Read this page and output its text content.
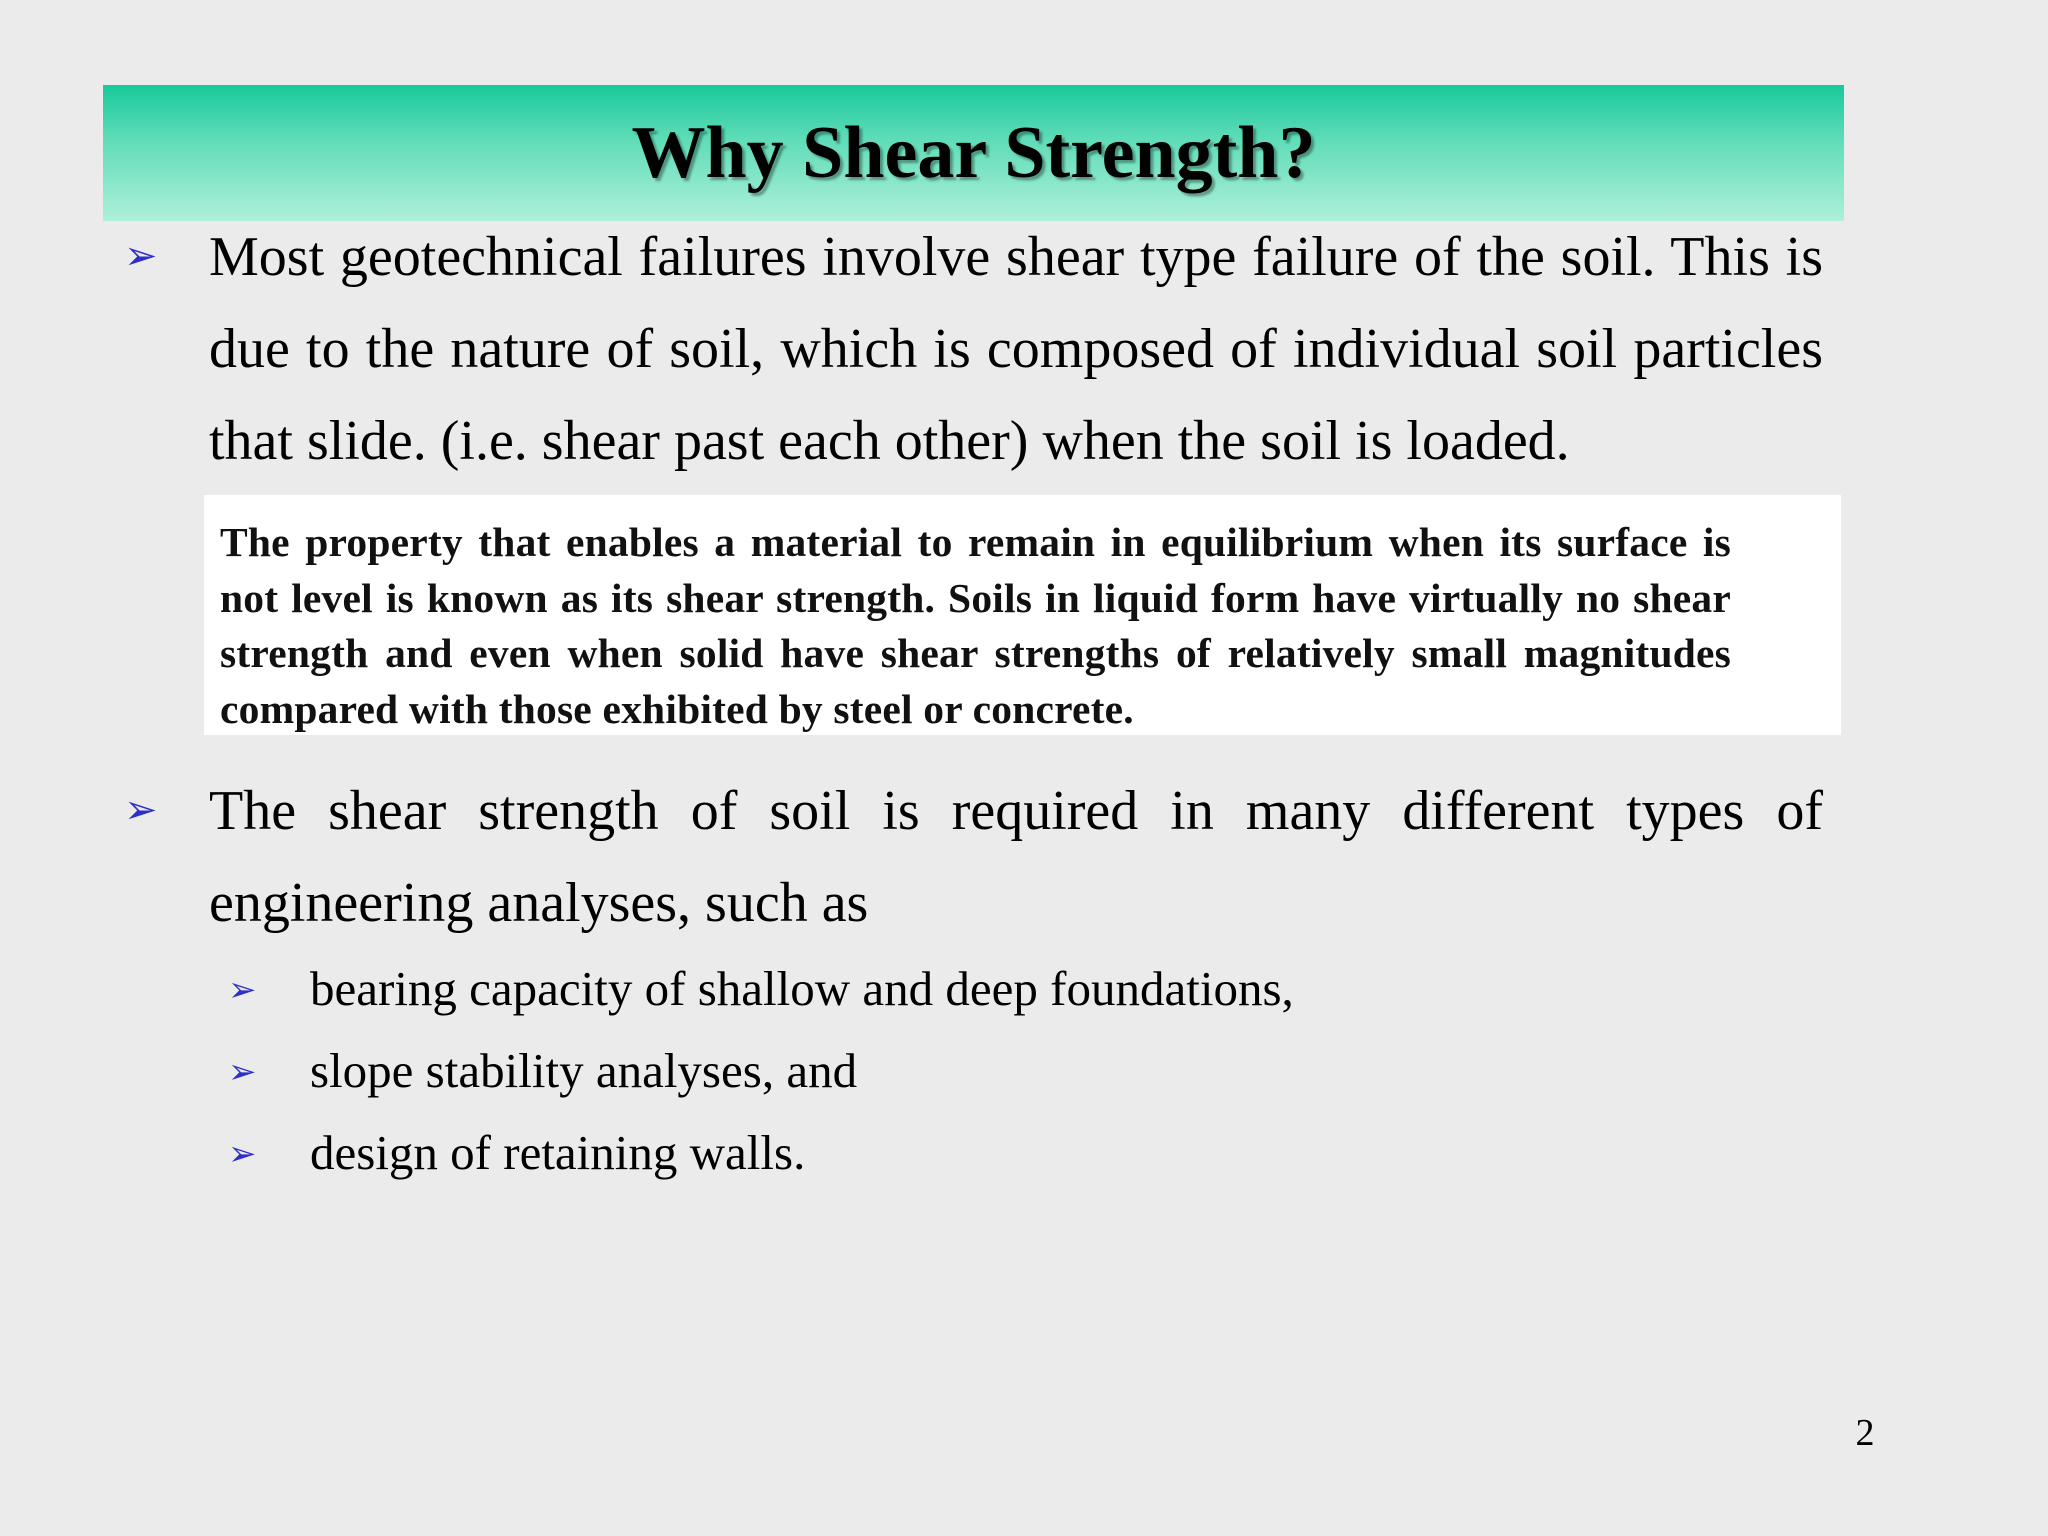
Why Shear Strength?
➢ Most geotechnical failures involve shear type failure of the soil. This is due to the nature of soil, which is composed of individual soil particles that slide. (i.e. shear past each other) when the soil is loaded.

The property that enables a material to remain in equilibrium when its surface is not level is known as its shear strength. Soils in liquid form have virtually no shear strength and even when solid have shear strengths of relatively small magnitudes compared with those exhibited by steel or concrete.

➢ The shear strength of soil is required in many different types of engineering analyses, such as

➢ bearing capacity of shallow and deep foundations,
➢ slope stability analyses, and
➢ design of retaining walls.
2
